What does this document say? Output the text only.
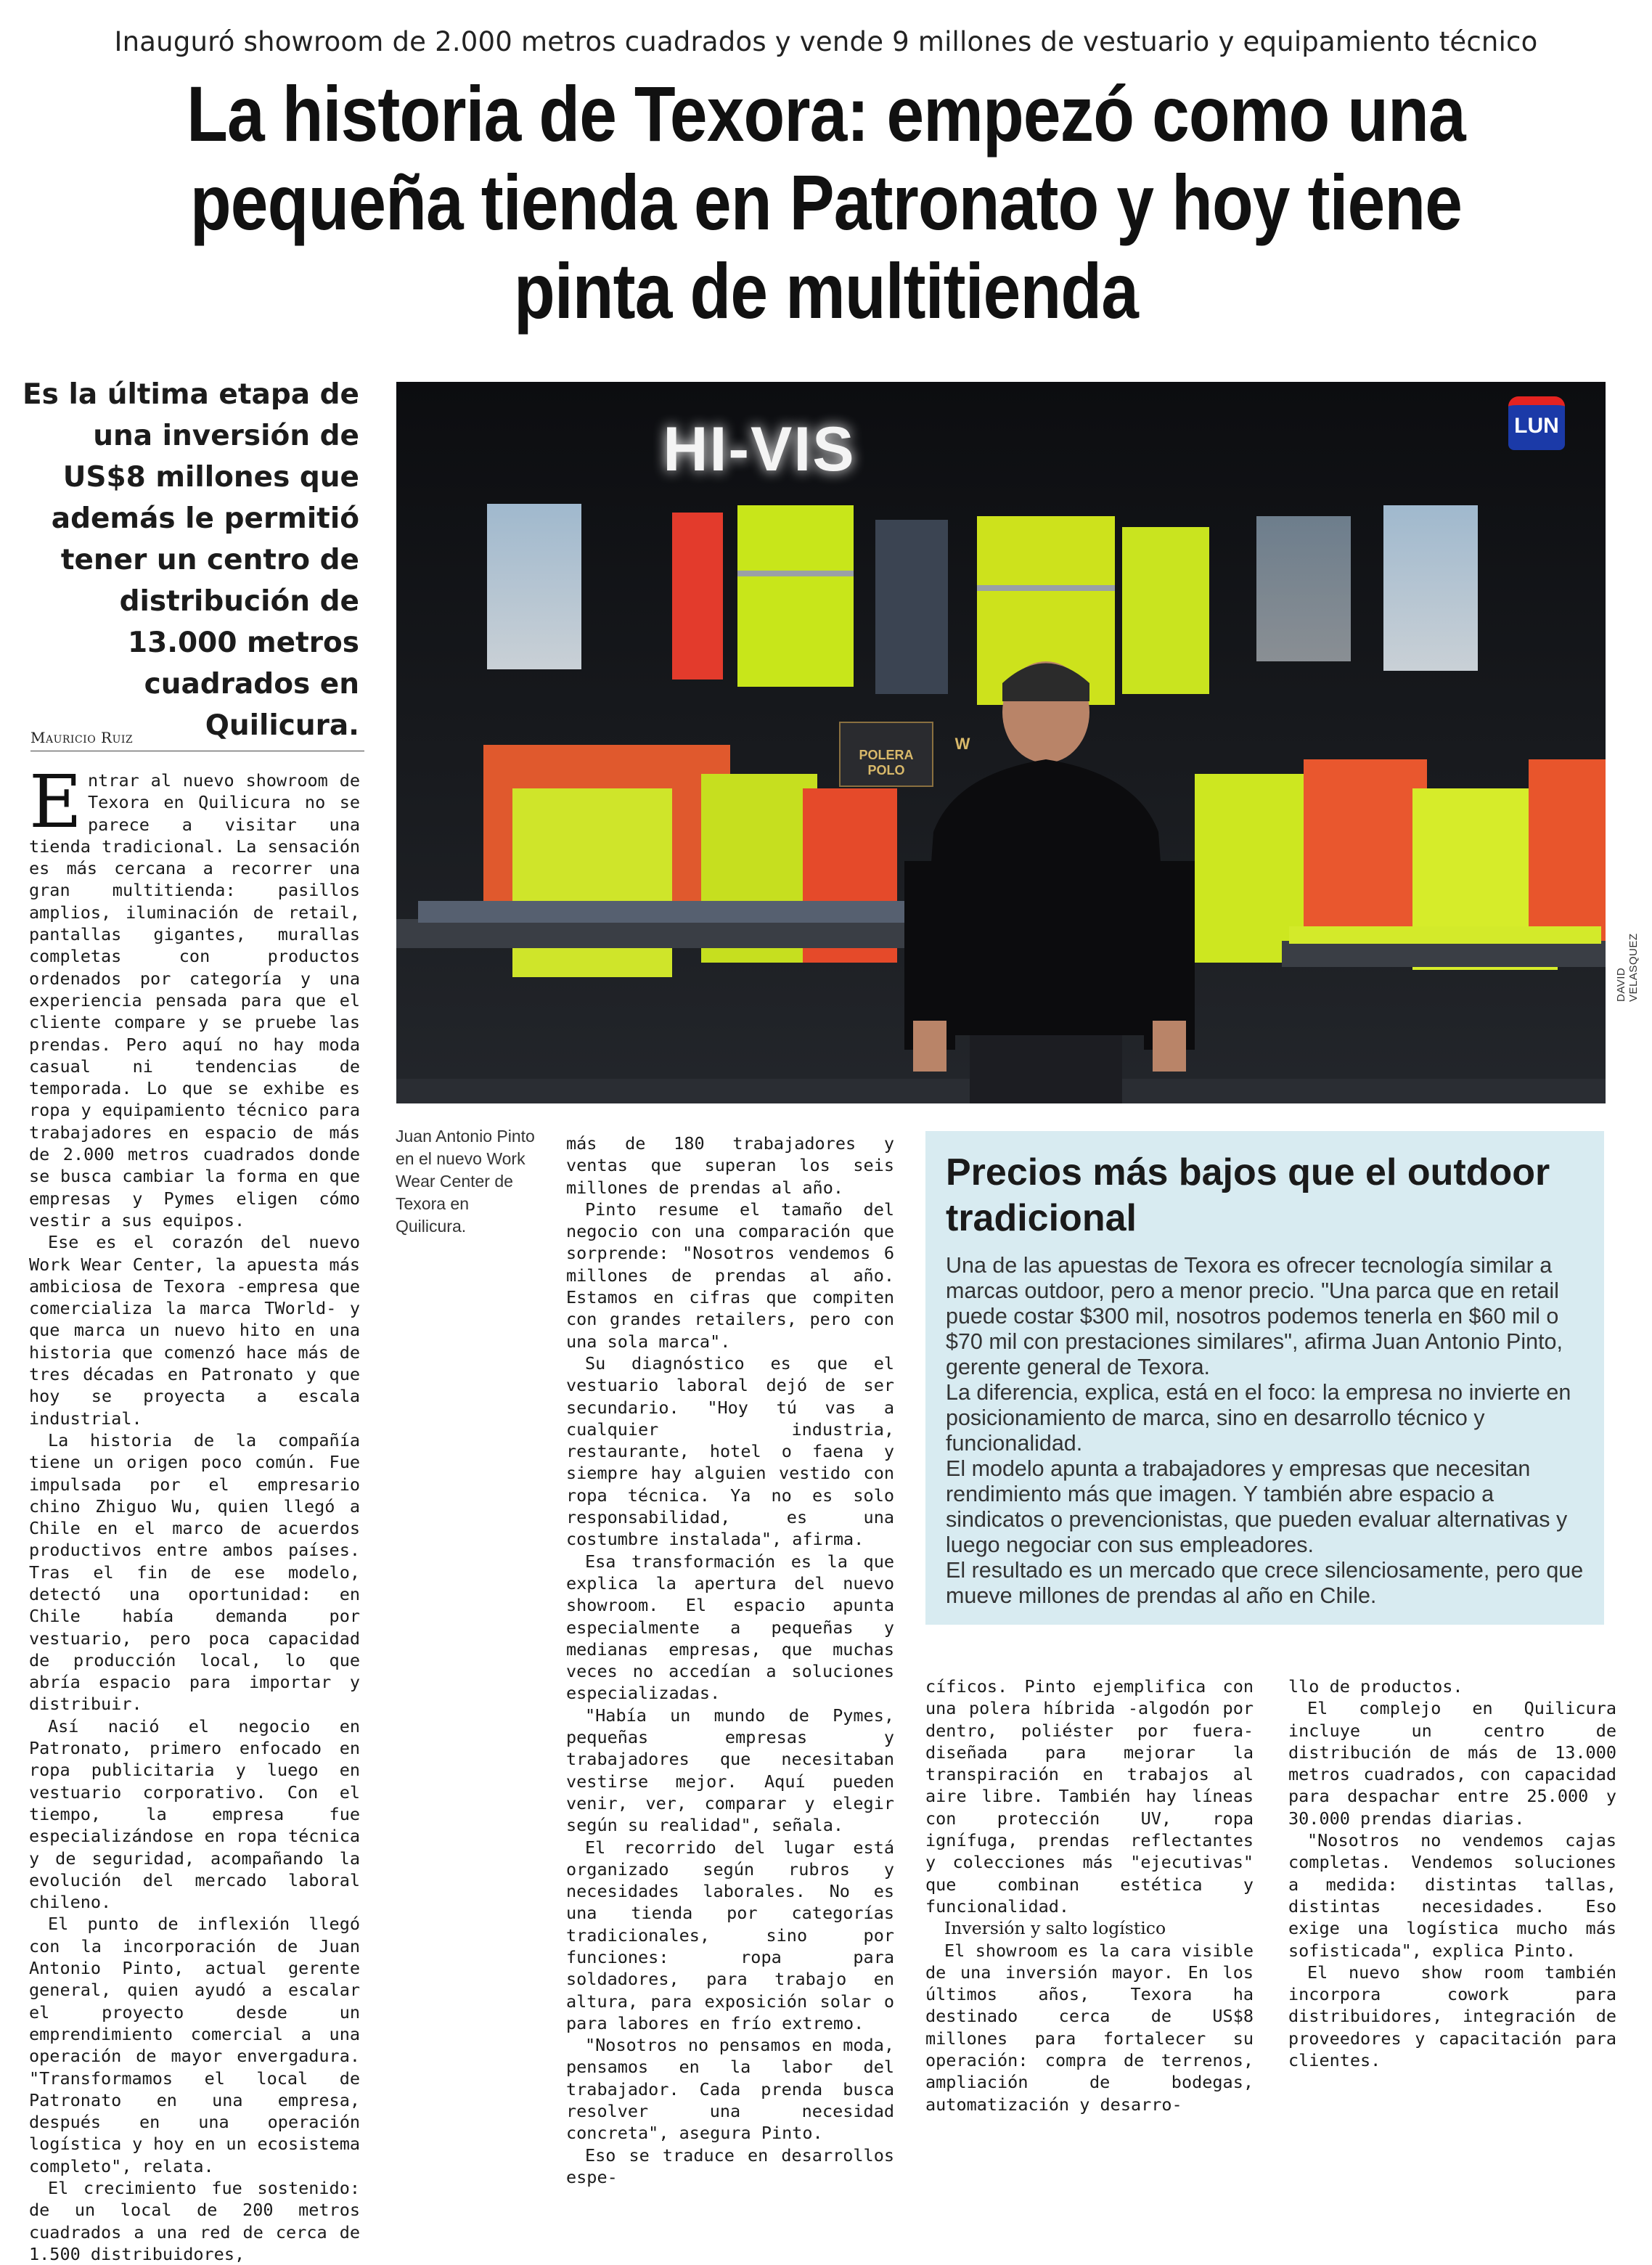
Inauguró showroom de 2.000 metros cuadrados y vende 9 millones de vestuario y equipamiento técnico
La historia de Texora: empezó como una pequeña tienda en Patronato y hoy tiene pinta de multitienda
Es la última etapa de una inversión de US$8 millones que además le permitió tener un centro de distribución de 13.000 metros cuadrados en Quilicura.
Mauricio Ruiz
HI-VIS
POLERA POLO
W
LUN
DAVID VELASQUEZ
Juan Antonio Pinto en el nuevo Work Wear Center de Texora en Quilicura.

Entrar al nuevo showroom de Texora en Quilicura no se parece a visitar una tienda tradicional. La sensación es más cercana a recorrer una gran multitienda: pasillos amplios, iluminación de retail, pantallas gigantes, murallas completas con productos ordenados por categoría y una experiencia pensada para que el cliente compare y se pruebe las prendas. Pero aquí no hay moda casual ni tendencias de temporada. Lo que se exhibe es ropa y equipamiento técnico para trabajadores en espacio de más de 2.000 metros cuadrados donde se busca cambiar la forma en que empresas y Pymes eligen cómo vestir a sus equipos.

Ese es el corazón del nuevo Work Wear Center, la apuesta más ambiciosa de Texora -empresa que comercializa la marca TWorld- y que marca un nuevo hito en una historia que comenzó hace más de tres décadas en Patronato y que hoy se proyecta a escala industrial.

La historia de la compañía tiene un origen poco común. Fue impulsada por el empresario chino Zhiguo Wu, quien llegó a Chile en el marco de acuerdos productivos entre ambos países. Tras el fin de ese modelo, detectó una oportunidad: en Chile había demanda por vestuario, pero poca capacidad de producción local, lo que abría espacio para importar y distribuir.

Así nació el negocio en Patronato, primero enfocado en ropa publicitaria y luego en vestuario corporativo. Con el tiempo, la empresa fue especializándose en ropa técnica y de seguridad, acompañando la evolución del mercado laboral chileno.

El punto de inflexión llegó con la incorporación de Juan Antonio Pinto, actual gerente general, quien ayudó a escalar el proyecto desde un emprendimiento comercial a una operación de mayor envergadura. "Transformamos el local de Patronato en una empresa, después en una operación logística y hoy en un ecosistema completo", relata.

El crecimiento fue sostenido: de un local de 200 metros cuadrados a una red de cerca de 1.500 distribuidores,

más de 180 trabajadores y ventas que superan los seis millones de prendas al año.

Pinto resume el tamaño del negocio con una comparación que sorprende: "Nosotros vendemos 6 millones de prendas al año. Estamos en cifras que compiten con grandes retailers, pero con una sola marca".

Su diagnóstico es que el vestuario laboral dejó de ser secundario. "Hoy tú vas a cualquier industria, restaurante, hotel o faena y siempre hay alguien vestido con ropa técnica. Ya no es solo responsabilidad, es una costumbre instalada", afirma.

Esa transformación es la que explica la apertura del nuevo showroom. El espacio apunta especialmente a pequeñas y medianas empresas, que muchas veces no accedían a soluciones especializadas.

"Había un mundo de Pymes, pequeñas empresas y trabajadores que necesitaban vestirse mejor. Aquí pueden venir, ver, comparar y elegir según su realidad", señala.

El recorrido del lugar está organizado según rubros y necesidades laborales. No es una tienda por categorías tradicionales, sino por funciones: ropa para soldadores, para trabajo en altura, para exposición solar o para labores en frío extremo.

"Nosotros no pensamos en moda, pensamos en la labor del trabajador. Cada prenda busca resolver una necesidad concreta", asegura Pinto.

Eso se traduce en desarrollos espe-

Precios más bajos que el outdoor tradicional

Una de las apuestas de Texora es ofrecer tecnología similar a marcas outdoor, pero a menor precio. "Una parca que en retail puede costar $300 mil, nosotros podemos tenerla en $60 mil o $70 mil con prestaciones similares", afirma Juan Antonio Pinto, gerente general de Texora.

La diferencia, explica, está en el foco: la empresa no invierte en posicionamiento de marca, sino en desarrollo técnico y funcionalidad.

El modelo apunta a trabajadores y empresas que necesitan rendimiento más que imagen. Y también abre espacio a sindicatos o prevencionistas, que pueden evaluar alternativas y luego negociar con sus empleadores.

El resultado es un mercado que crece silenciosamente, pero que mueve millones de prendas al año en Chile.

cíficos. Pinto ejemplifica con una polera híbrida -algodón por dentro, poliéster por fuera- diseñada para mejorar la transpiración en trabajos al aire libre. También hay líneas con protección UV, ropa ignífuga, prendas reflectantes y colecciones más "ejecutivas" que combinan estética y funcionalidad.

Inversión y salto logístico

El showroom es la cara visible de una inversión mayor. En los últimos años, Texora ha destinado cerca de US$8 millones para fortalecer su operación: compra de terrenos, ampliación de bodegas, automatización y desarro-

llo de productos.

El complejo en Quilicura incluye un centro de distribución de más de 13.000 metros cuadrados, con capacidad para despachar entre 25.000 y 30.000 prendas diarias.

"Nosotros no vendemos cajas completas. Vendemos soluciones a medida: distintas tallas, distintas necesidades. Eso exige una logística mucho más sofisticada", explica Pinto.

El nuevo show room también incorpora cowork para distribuidores, integración de proveedores y capacitación para clientes.
